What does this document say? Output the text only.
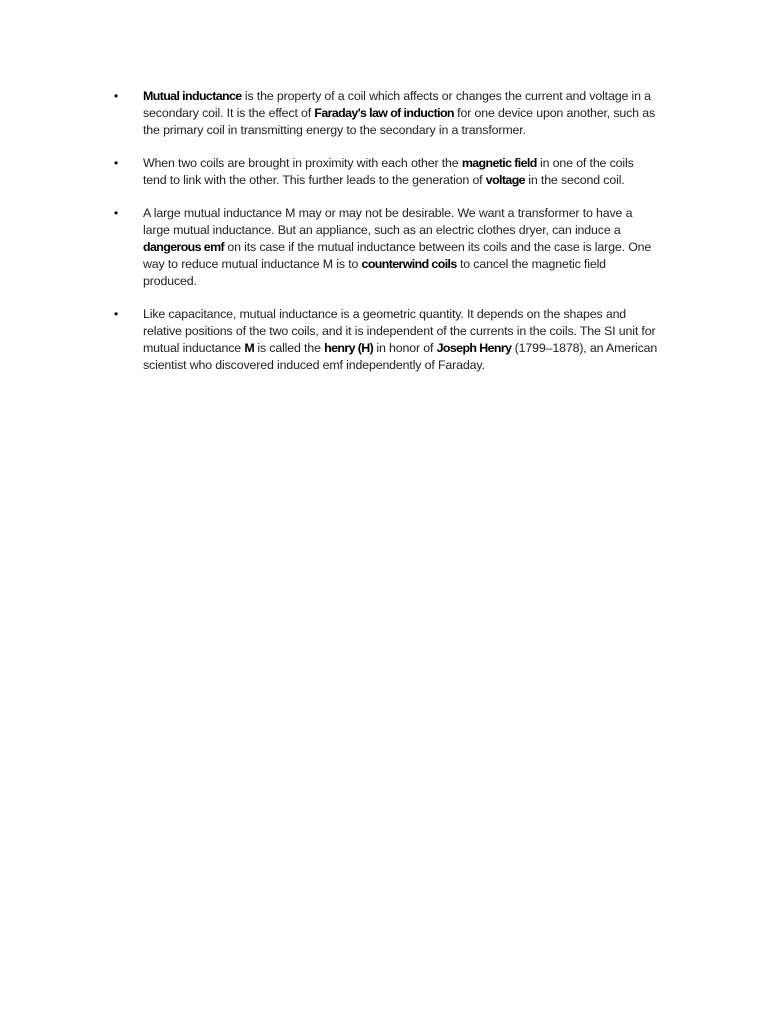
• Mutual inductance is the property of a coil which affects or changes the current and voltage in a secondary coil. It is the effect of Faraday's law of induction for one device upon another, such as the primary coil in transmitting energy to the secondary in a transformer.
• When two coils are brought in proximity with each other the magnetic field in one of the coils tend to link with the other. This further leads to the generation of voltage in the second coil.
• A large mutual inductance M may or may not be desirable. We want a transformer to have a large mutual inductance. But an appliance, such as an electric clothes dryer, can induce a dangerous emf on its case if the mutual inductance between its coils and the case is large. One way to reduce mutual inductance M is to counterwind coils to cancel the magnetic field produced.
• Like capacitance, mutual inductance is a geometric quantity. It depends on the shapes and relative positions of the two coils, and it is independent of the currents in the coils. The SI unit for mutual inductance M is called the henry (H) in honor of Joseph Henry (1799–1878), an American scientist who discovered induced emf independently of Faraday.
